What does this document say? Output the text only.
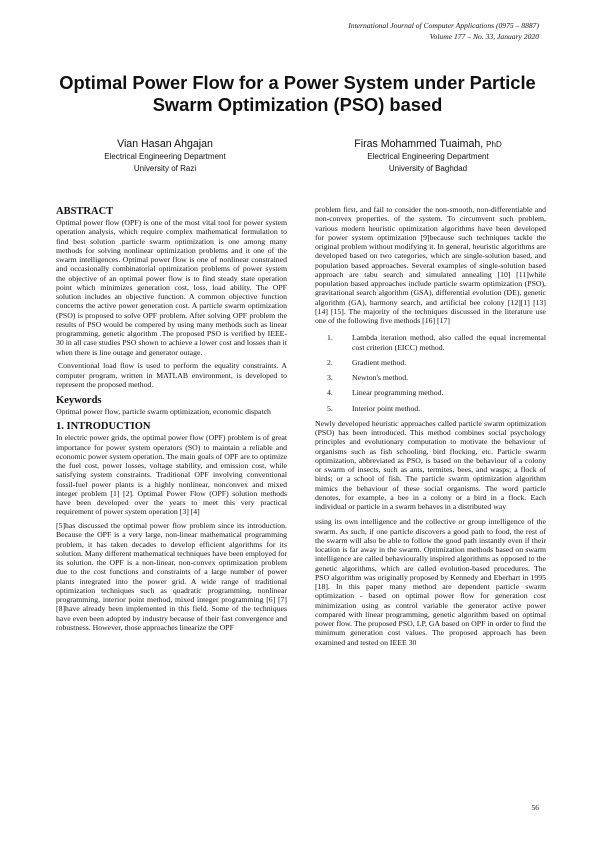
International Journal of Computer Applications (0975 – 8887)
Volume 177 – No. 33, January 2020
Optimal Power Flow for a Power System under Particle Swarm Optimization (PSO) based
Vian Hasan Ahgajan
Electrical Engineering Department
University of Razi
Firas Mohammed Tuaimah, PhD
Electrical Engineering Department
University of Baghdad
ABSTRACT

Optimal power flow (OPF) is one of the most vital tool for power system operation analysis, which require complex mathematical formulation to find best solution .particle swarm optimization is one among many methods for solving nonlinear optimization problems and it one of the swarm intelligences. Optimal power flow is one of nonlinear constrained and occasionally combinatorial optimization problems of power system the objective of an optimal power flow is to find steady state operation point which minimizes generation cost, loss, load ability. The OPF solution includes an objective function. A common objective function concerns the active power generation cost. A particle swarm optimization (PSO) is proposed to solve OPF problem. After solving OPF problem the results of PSO would be compered by using many methods such as linear programming, genetic algorithm .The proposed PSO is verified by IEEE-30 in all case studies PSO shown to achieve a lower cost and losses than it when there is line outage and generator outage.

Conventional load flow is used to perform the equality constraints. A computer program, written in MATLAB environment, is developed to represent the proposed method.

Keywords

Optimal power flow, particle swarm optimization, economic dispatch

1. INTRODUCTION

In electric power grids, the optimal power flow (OPF) problem is of great importance for power system operators (SO) to maintain a reliable and economic power system operation. The main goals of OPF are to optimize the fuel cost, power losses, voltage stability, and emission cost, while satisfying system constraints. Traditional OPF involving conventional fossil-fuel power plants is a highly nonlinear, nonconvex and mixed integer problem [1] [2]. Optimal Power Flow (OPF) solution methods have been developed over the years to meet this very practical requirement of power system operation [3] [4]

[5]has discussed the optimal power flow problem since its introduction. Because the OPF is a very large, non-linear mathematical programming problem, it has taken decades to develop efficient algorithms for its solution. Many different mathematical techniques have been employed for its solution. the OPF is a non-linear, non-convex optimization problem due to the cost functions and constraints of a large number of power plants integrated into the power grid. A wide range of traditional optimization techniques such as quadratic programming, nonlinear programming, interior point method, mixed integer programming [6] [7] [8]have already been implemented in this field. Some of the techniques have even been adopted by industry because of their fast convergence and robustness. However, those approaches linearize the OPF

problem first, and fail to consider the non-smooth, non-differentiable and non-convex properties. of the system. To circumvent such problem, various modern heuristic optimization algorithms have been developed for power system optimization [9]because such techniques tackle the original problem without modifying it. In general, heuristic algorithms are developed based on two categories, which are single-solution based, and population based approaches. Several examples of single-solution based approach are tabu search and simulated annealing [10] [11]while population based approaches include particle swarm optimization (PSO), gravitational search algorithm (GSA), differential evolution (DE), genetic algorithm (GA), harmony search, and artificial bee colony [12][1] [13][14] [15]. The majority of the techniques discussed in the literature use one of the following five methods [16] [17]

1.	Lambda iteration method, also called the equal incremental cost criterion (EICC) method.
2.	Gradient method.
3.	Newton's method.
4.	Linear programming method.
5.	Interior point method.

Newly developed heuristic approaches called particle swarm optimization (PSO) has been introduced. This method combines social psychology principles and evolutionary computation to motivate the behaviour of organisms such as fish schooling, bird flocking, etc. Particle swarm optimization, abbreviated as PSO, is based on the behaviour of a colony or swarm of insects, such as ants, termites, bees, and wasps; a flock of birds; or a school of fish. The particle swarm optimization algorithm mimics the behaviour of these social organisms. The word particle denotes, for example, a bee in a colony or a bird in a flock. Each individual or particle in a swarm behaves in a distributed way

using its own intelligence and the collective or group intelligence of the swarm. As such, if one particle discovers a good path to food, the rest of the swarm will also be able to follow the good path instantly even if their location is far away in the swarm. Optimization methods based on swarm intelligence are called behaviourally inspired algorithms as opposed to the genetic algorithms, which are called evolution-based procedures. The PSO algorithm was originally proposed by Kennedy and Eberhart in 1995 [18]. In this paper many method are dependent particle swarm optimization - based on optimal power flow for generation cost minimization using as control variable the generator active power compared with linear programming, genetic algorithm based on optimal power flow. The proposed PSO, LP, GA based on OPF in order to find the minimum generation cost values. The proposed approach has been examined and tested on IEEE 30

56
